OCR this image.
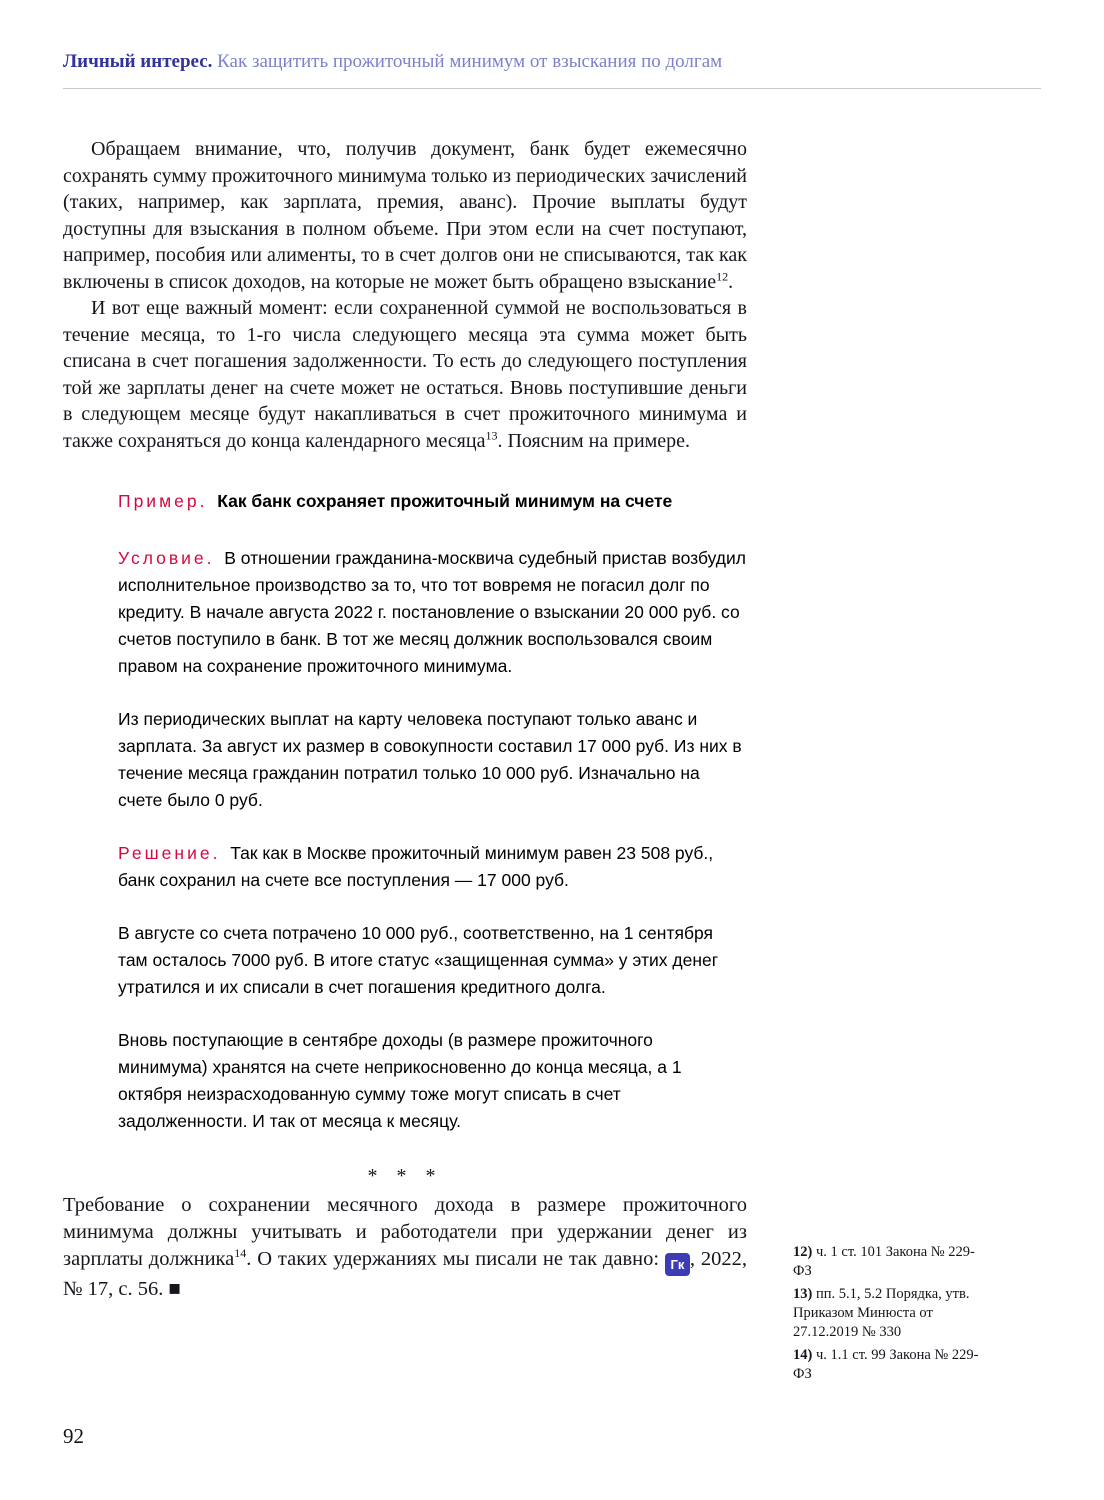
Личный интерес. Как защитить прожиточный минимум от взыскания по долгам

Обращаем внимание, что, получив документ, банк будет ежемесячно сохранять сумму прожиточного минимума только из периодических зачислений (таких, например, как зарплата, премия, аванс). Прочие выплаты будут доступны для взыскания в полном объеме. При этом если на счет поступают, например, пособия или алименты, то в счет долгов они не списываются, так как включены в список доходов, на которые не может быть обращено взыскание$^{12}$.

И вот еще важный момент: если сохраненной суммой не воспользоваться в течение месяца, то 1-го числа следующего месяца эта сумма может быть списана в счет погашения задолженности. То есть до следующего поступления той же зарплаты денег на счете может не остаться. Вновь поступившие деньги в следующем месяце будут накапливаться в счет прожиточного минимума и также сохраняться до конца календарного месяца$^{13}$. Поясним на примере.

Пример. Как банк сохраняет прожиточный минимум на счете

Условие. В отношении гражданина-москвича судебный пристав возбудил исполнительное производство за то, что тот вовремя не погасил долг по кредиту. В начале августа 2022 г. постановление о взыскании 20 000 руб. со счетов поступило в банк. В тот же месяц должник воспользовался своим правом на сохранение прожиточного минимума.

Из периодических выплат на карту человека поступают только аванс и зарплата. За август их размер в совокупности составил 17 000 руб. Из них в течение месяца гражданин потратил только 10 000 руб. Изначально на счете было 0 руб.

Решение. Так как в Москве прожиточный минимум равен 23 508 руб., банк сохранил на счете все поступления — 17 000 руб.

В августе со счета потрачено 10 000 руб., соответственно, на 1 сентября там осталось 7000 руб. В итоге статус «защищенная сумма» у этих денег утратился и их списали в счет погашения кредитного долга.

Вновь поступающие в сентябре доходы (в размере прожиточного минимума) хранятся на счете неприкосновенно до конца месяца, а 1 октября неизрасходованную сумму тоже могут списать в счет задолженности. И так от месяца к месяцу.

* * *

Требование о сохранении месячного дохода в размере прожиточного минимума должны учитывать и работодатели при удержании денег из зарплаты должника$^{14}$. О таких удержаниях мы писали не так давно: Гк , 2022, № 17, с. 56. ■

12) ч. 1 ст. 101 Закона № 229-ФЗ

13) пп. 5.1, 5.2 Порядка, утв. Приказом Минюста от 27.12.2019 № 330

14) ч. 1.1 ст. 99 Закона № 229-ФЗ

92
